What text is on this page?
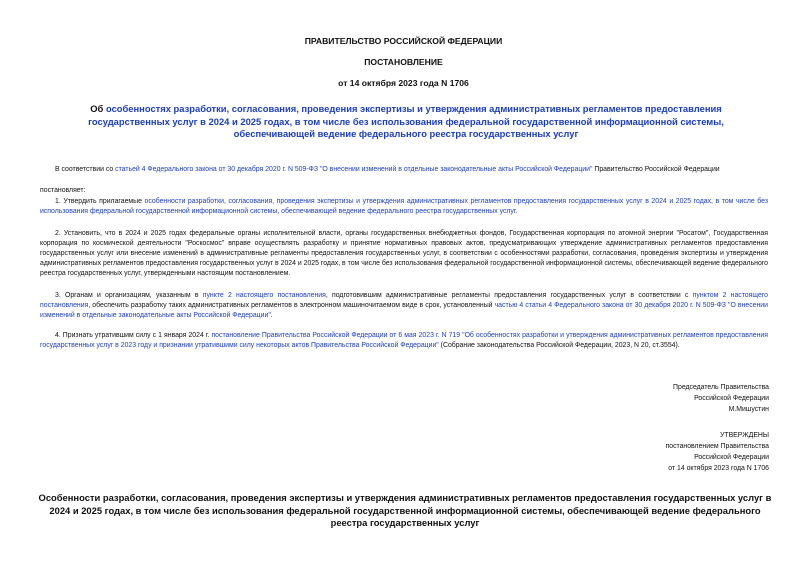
ПРАВИТЕЛЬСТВО РОССИЙСКОЙ ФЕДЕРАЦИИ
ПОСТАНОВЛЕНИЕ
от 14 октября 2023 года N 1706
Об особенностях разработки, согласования, проведения экспертизы и утверждения административных регламентов предоставления государственных услуг в 2024 и 2025 годах, в том числе без использования федеральной государственной информационной системы, обеспечивающей ведение федерального реестра государственных услуг
В соответствии со статьей 4 Федерального закона от 30 декабря 2020 г. N 509-ФЗ "О внесении изменений в отдельные законодательные акты Российской Федерации" Правительство Российской Федерации
постановляет:
1. Утвердить прилагаемые особенности разработки, согласования, проведения экспертизы и утверждения административных регламентов предоставления государственных услуг в 2024 и 2025 годах, в том числе без использования федеральной государственной информационной системы, обеспечивающей ведение федерального реестра государственных услуг.
2. Установить, что в 2024 и 2025 годах федеральные органы исполнительной власти, органы государственных внебюджетных фондов, Государственная корпорация по атомной энергии "Росатом", Государственная корпорация по космической деятельности "Роскосмос" вправе осуществлять разработку и принятие нормативных правовых актов, предусматривающих утверждение административных регламентов предоставления государственных услуг или внесение изменений в административные регламенты предоставления государственных услуг, в соответствии с особенностями разработки, согласования, проведения экспертизы и утверждения административных регламентов предоставления государственных услуг в 2024 и 2025 годах, в том числе без использования федеральной государственной информационной системы, обеспечивающей ведение федерального реестра государственных услуг, утвержденными настоящим постановлением.
3. Органам и организациям, указанным в пункте 2 настоящего постановления, подготовившим административные регламенты предоставления государственных услуг в соответствии с пунктом 2 настоящего постановления, обеспечить разработку таких административных регламентов в электронном машиночитаемом виде в срок, установленный частью 4 статьи 4 Федерального закона от 30 декабря 2020 г. N 509-ФЗ "О внесении изменений в отдельные законодательные акты Российской Федерации".
4. Признать утратившим силу с 1 января 2024 г. постановление Правительства Российской Федерации от 6 мая 2023 г. N 719 "Об особенностях разработки и утверждения административных регламентов предоставления государственных услуг в 2023 году и признании утратившими силу некоторых актов Правительства Российской Федерации" (Собрание законодательства Российской Федерации, 2023, N 20, ст.3554).
Председатель Правительства
Российской Федерации
М.Мишустин
УТВЕРЖДЕНЫ
постановлением Правительства
Российской Федерации
от 14 октября 2023 года N 1706
Особенности разработки, согласования, проведения экспертизы и утверждения административных регламентов предоставления государственных услуг в 2024 и 2025 годах, в том числе без использования федеральной государственной информационной системы, обеспечивающей ведение федерального реестра государственных услуг
